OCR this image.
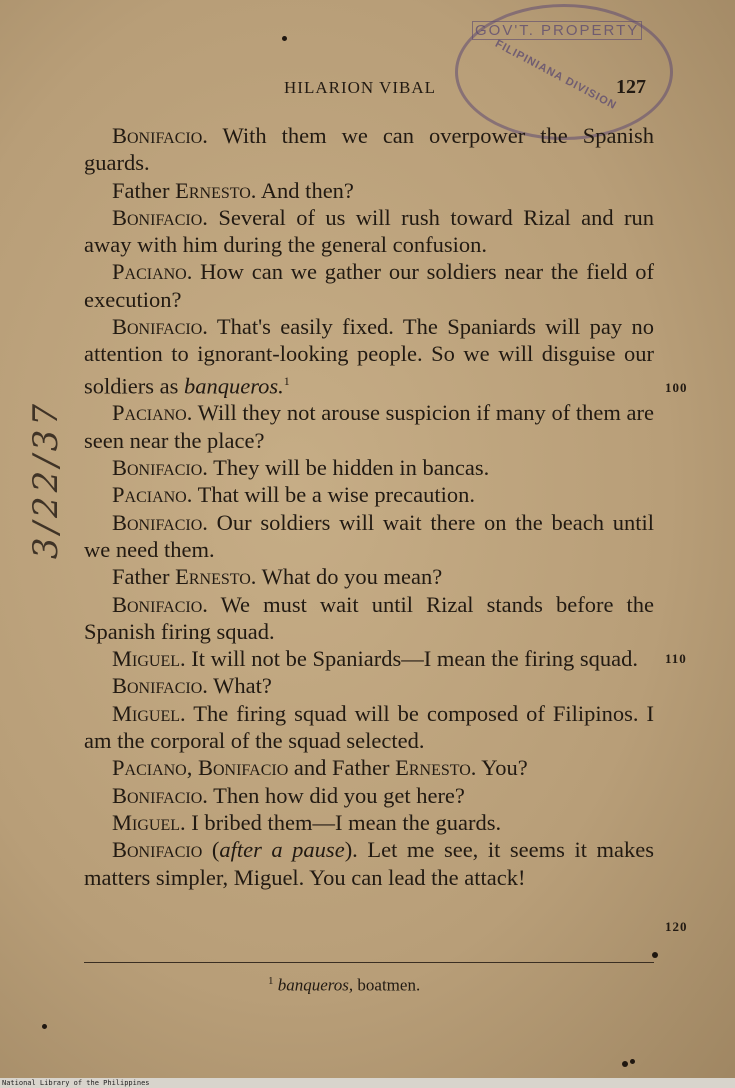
GOV'T. PROPERTY
FILIPINIANA DIVISION
HILARION VIBAL	127
3/22/37

Bonifacio. With them we can overpower the Spanish guards.

Father Ernesto. And then?

Bonifacio. Several of us will rush toward Rizal and run away with him during the general confusion.

Paciano. How can we gather our soldiers near the field of execution?

Bonifacio. That's easily fixed. The Spaniards will pay no attention to ignorant-looking people. So we will disguise our soldiers as banqueros.$^1$

Paciano. Will they not arouse suspicion if many of them are seen near the place?

Bonifacio. They will be hidden in bancas.

Paciano. That will be a wise precaution.

Bonifacio. Our soldiers will wait there on the beach until we need them.

Father Ernesto. What do you mean?

Bonifacio. We must wait until Rizal stands before the Spanish firing squad.

Miguel. It will not be Spaniards—I mean the firing squad.

Bonifacio. What?

Miguel. The firing squad will be composed of Filipinos. I am the corporal of the squad selected.

Paciano, Bonifacio and Father Ernesto. You?

Bonifacio. Then how did you get here?

Miguel. I bribed them—I mean the guards.

Bonifacio (after a pause). Let me see, it seems it makes matters simpler, Miguel. You can lead the attack!

100
110
120
$^1$ banqueros, boatmen.
National Library of the Philippines
